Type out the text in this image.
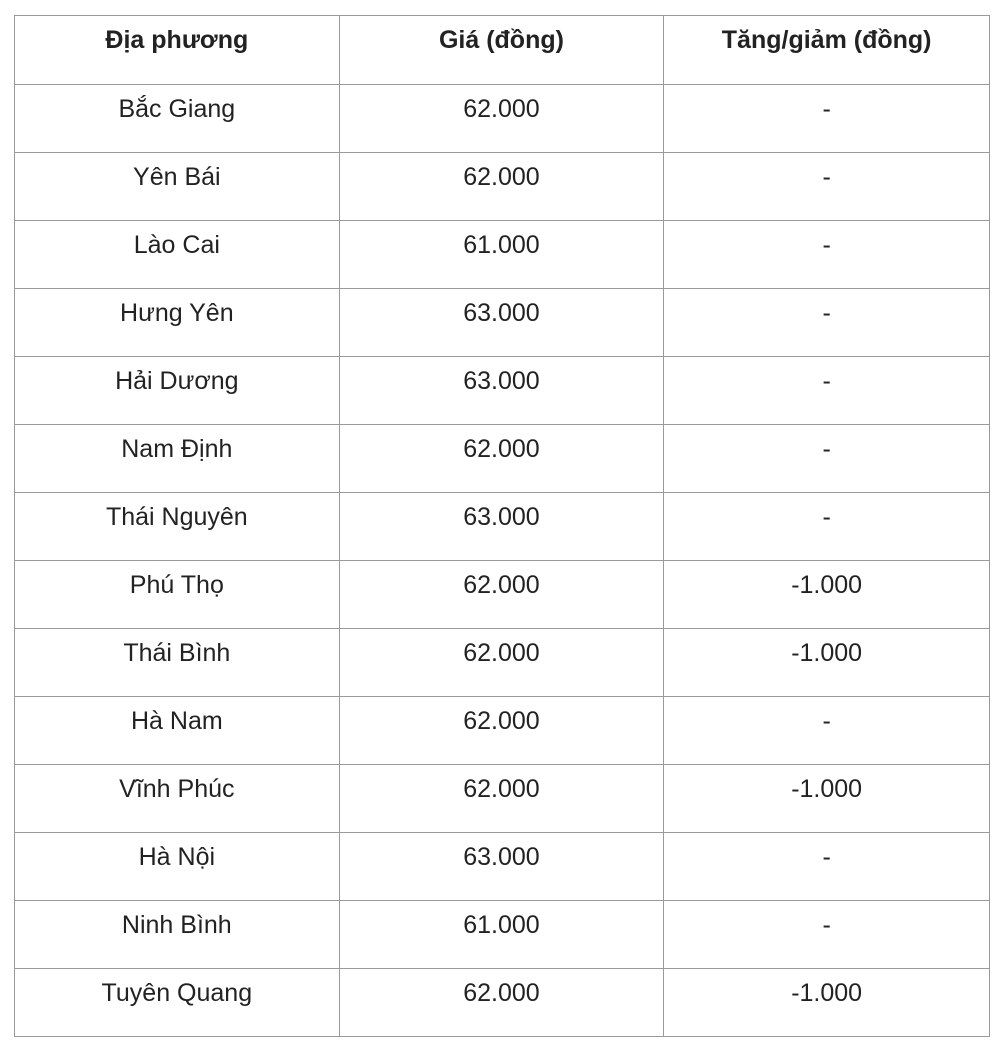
Địa phương	Giá (đồng)	Tăng/giảm (đồng)
Bắc Giang	62.000	-
Yên Bái	62.000	-
Lào Cai	61.000	-
Hưng Yên	63.000	-
Hải Dương	63.000	-
Nam Định	62.000	-
Thái Nguyên	63.000	-
Phú Thọ	62.000	-1.000
Thái Bình	62.000	-1.000
Hà Nam	62.000	-
Vĩnh Phúc	62.000	-1.000
Hà Nội	63.000	-
Ninh Bình	61.000	-
Tuyên Quang	62.000	-1.000
